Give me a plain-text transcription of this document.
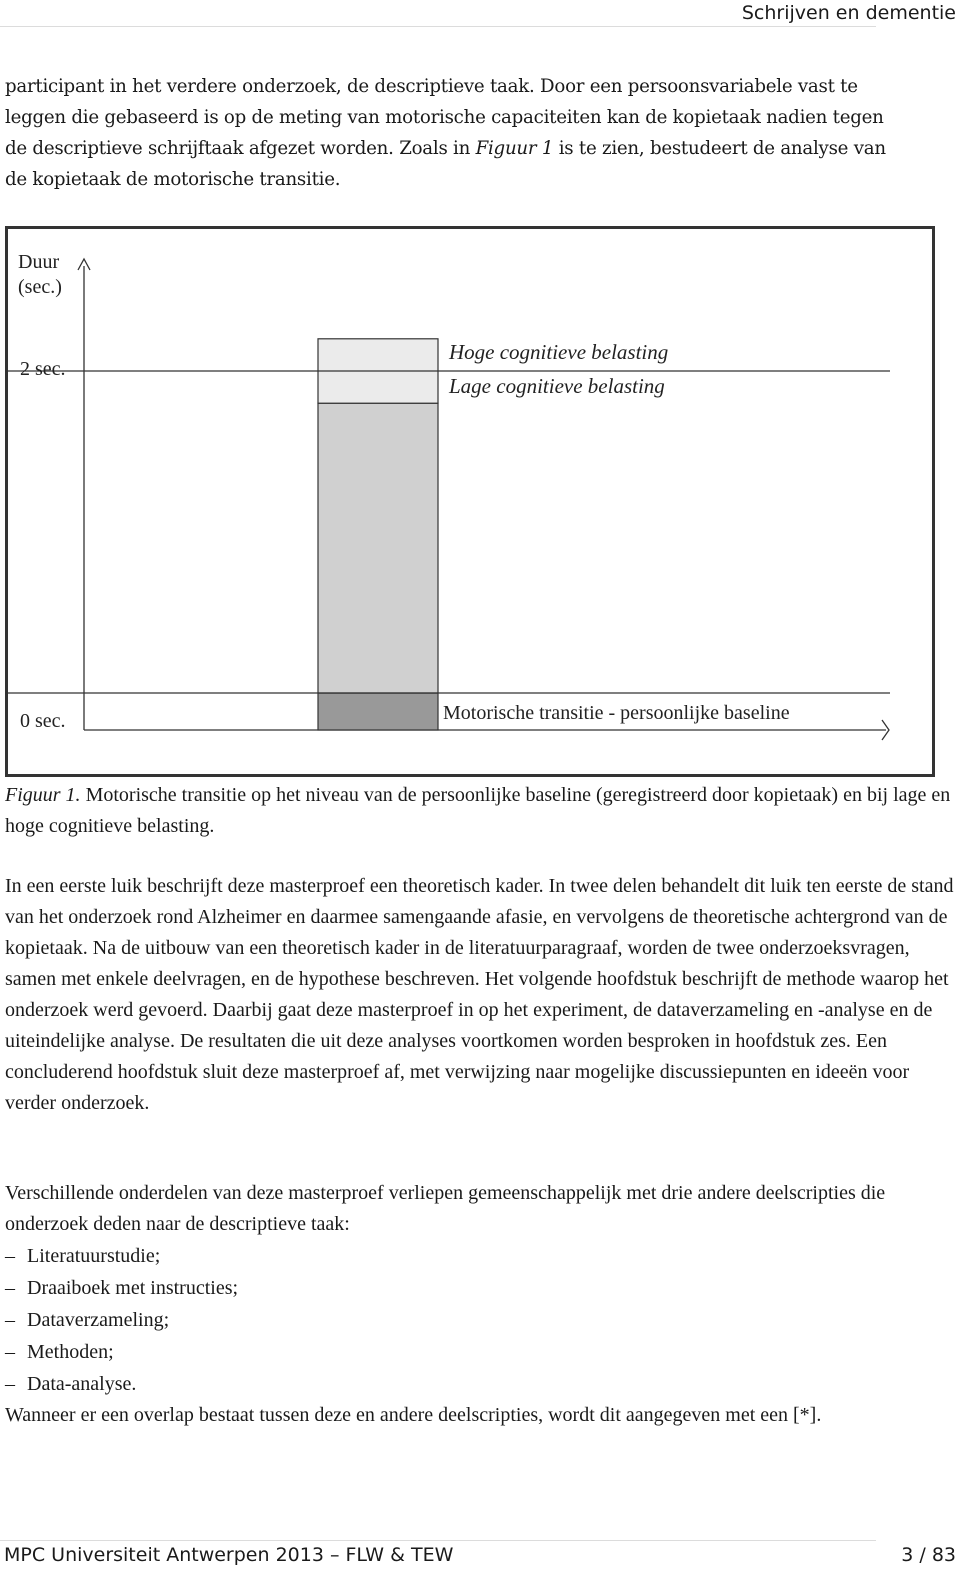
Schrijven en dementie

participant in het verdere onderzoek, de descriptieve taak. Door een persoonsvariabele vast te

leggen die gebaseerd is op de meting van motorische capaciteiten kan de kopietaak nadien tegen

de descriptieve schrijftaak afgezet worden. Zoals in Figuur 1 is te zien, bestudeert de analyse van

de kopietaak de motorische transitie.

Duur
(sec.)
2 sec.
0 sec.
Hoge cognitieve belasting
Lage cognitieve belasting
Motorische transitie - persoonlijke baseline
Figuur 1. Motorische transitie op het niveau van de persoonlijke baseline (geregistreerd door kopietaak) en bij lage en hoge cognitieve belasting.

In een eerste luik beschrijft deze masterproef een theoretisch kader. In twee delen behandelt dit luik ten eerste de stand van het onderzoek rond Alzheimer en daarmee samengaande afasie, en vervolgens de theoretische achtergrond van de kopietaak. Na de uitbouw van een theoretisch kader in de literatuurparagraaf, worden de twee onderzoeksvragen, samen met enkele deelvragen, en de hypothese beschreven. Het volgende hoofdstuk beschrijft de methode waarop het onderzoek werd gevoerd. Daarbij gaat deze masterproef in op het experiment, de dataverzameling en -analyse en de uiteindelijke analyse. De resultaten die uit deze analyses voortkomen worden besproken in hoofdstuk zes. Een concluderend hoofdstuk sluit deze masterproef af, met verwijzing naar mogelijke discussiepunten en ideeën voor verder onderzoek.

Verschillende onderdelen van deze masterproef verliepen gemeenschappelijk met drie andere deelscripties die onderzoek deden naar de descriptieve taak:

– Literatuurstudie;
– Draaiboek met instructies;
– Dataverzameling;
– Methoden;
– Data-analyse.

Wanneer er een overlap bestaat tussen deze en andere deelscripties, wordt dit aangegeven met een [*].

MPC Universiteit Antwerpen 2013 – FLW & TEW	3 / 83
